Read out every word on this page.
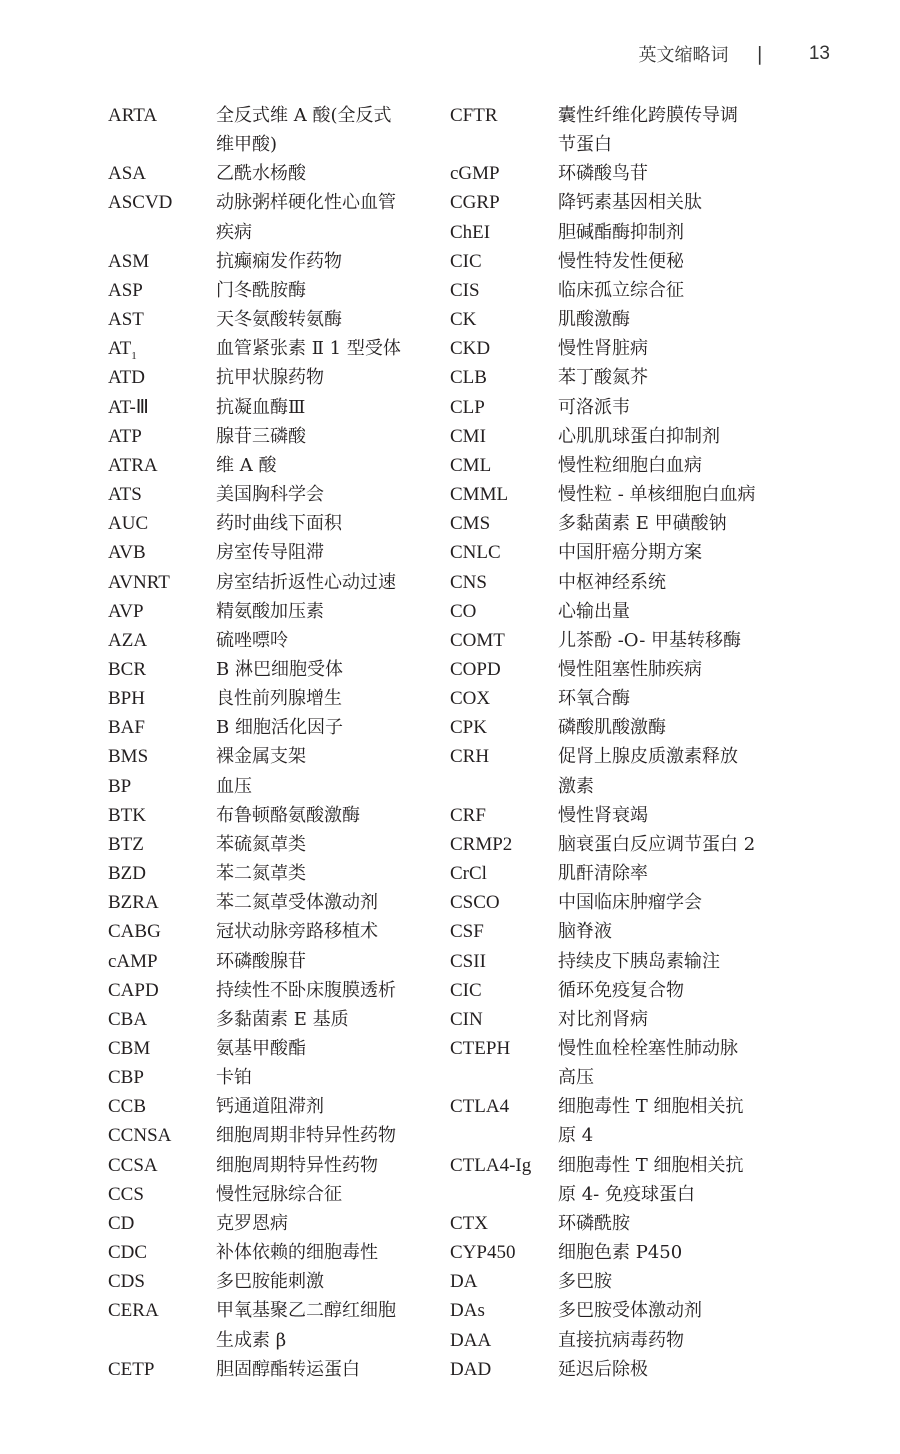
英文缩略词 | 13
ARTA	全反式维 A 酸(全反式
维甲酸)
ASA	乙酰水杨酸
ASCVD	动脉粥样硬化性心血管
疾病
ASM	抗癫痫发作药物
ASP	门冬酰胺酶
AST	天冬氨酸转氨酶
$AT_1$	血管紧张素 Ⅱ 1 型受体
ATD	抗甲状腺药物
AT-Ⅲ	抗凝血酶Ⅲ
ATP	腺苷三磷酸
ATRA	维 A 酸
ATS	美国胸科学会
AUC	药时曲线下面积
AVB	房室传导阻滞
AVNRT	房室结折返性心动过速
AVP	精氨酸加压素
AZA	硫唑嘌呤
BCR	B 淋巴细胞受体
BPH	良性前列腺增生
BAF	B 细胞活化因子
BMS	裸金属支架
BP	血压
BTK	布鲁顿酪氨酸激酶
BTZ	苯硫氮䓬类
BZD	苯二氮䓬类
BZRA	苯二氮䓬受体激动剂
CABG	冠状动脉旁路移植术
cAMP	环磷酸腺苷
CAPD	持续性不卧床腹膜透析
CBA	多黏菌素 E 基质
CBM	氨基甲酸酯
CBP	卡铂
CCB	钙通道阻滞剂
CCNSA	细胞周期非特异性药物
CCSA	细胞周期特异性药物
CCS	慢性冠脉综合征
CD	克罗恩病
CDC	补体依赖的细胞毒性
CDS	多巴胺能刺激
CERA	甲氧基聚乙二醇红细胞
生成素 β
CETP	胆固醇酯转运蛋白
CFTR	囊性纤维化跨膜传导调
节蛋白
cGMP	环磷酸鸟苷
CGRP	降钙素基因相关肽
ChEI	胆碱酯酶抑制剂
CIC	慢性特发性便秘
CIS	临床孤立综合征
CK	肌酸激酶
CKD	慢性肾脏病
CLB	苯丁酸氮芥
CLP	可洛派韦
CMI	心肌肌球蛋白抑制剂
CML	慢性粒细胞白血病
CMML	慢性粒 - 单核细胞白血病
CMS	多黏菌素 E 甲磺酸钠
CNLC	中国肝癌分期方案
CNS	中枢神经系统
CO	心输出量
COMT	儿茶酚 -O- 甲基转移酶
COPD	慢性阻塞性肺疾病
COX	环氧合酶
CPK	磷酸肌酸激酶
CRH	促肾上腺皮质激素释放
激素
CRF	慢性肾衰竭
CRMP2	脑衰蛋白反应调节蛋白 2
CrCl	肌酐清除率
CSCO	中国临床肿瘤学会
CSF	脑脊液
CSII	持续皮下胰岛素输注
CIC	循环免疫复合物
CIN	对比剂肾病
CTEPH	慢性血栓栓塞性肺动脉
高压
CTLA4	细胞毒性 T 细胞相关抗
原 4
CTLA4-Ig	细胞毒性 T 细胞相关抗
原 4- 免疫球蛋白
CTX	环磷酰胺
CYP450	细胞色素 P450
DA	多巴胺
DAs	多巴胺受体激动剂
DAA	直接抗病毒药物
DAD	延迟后除极
